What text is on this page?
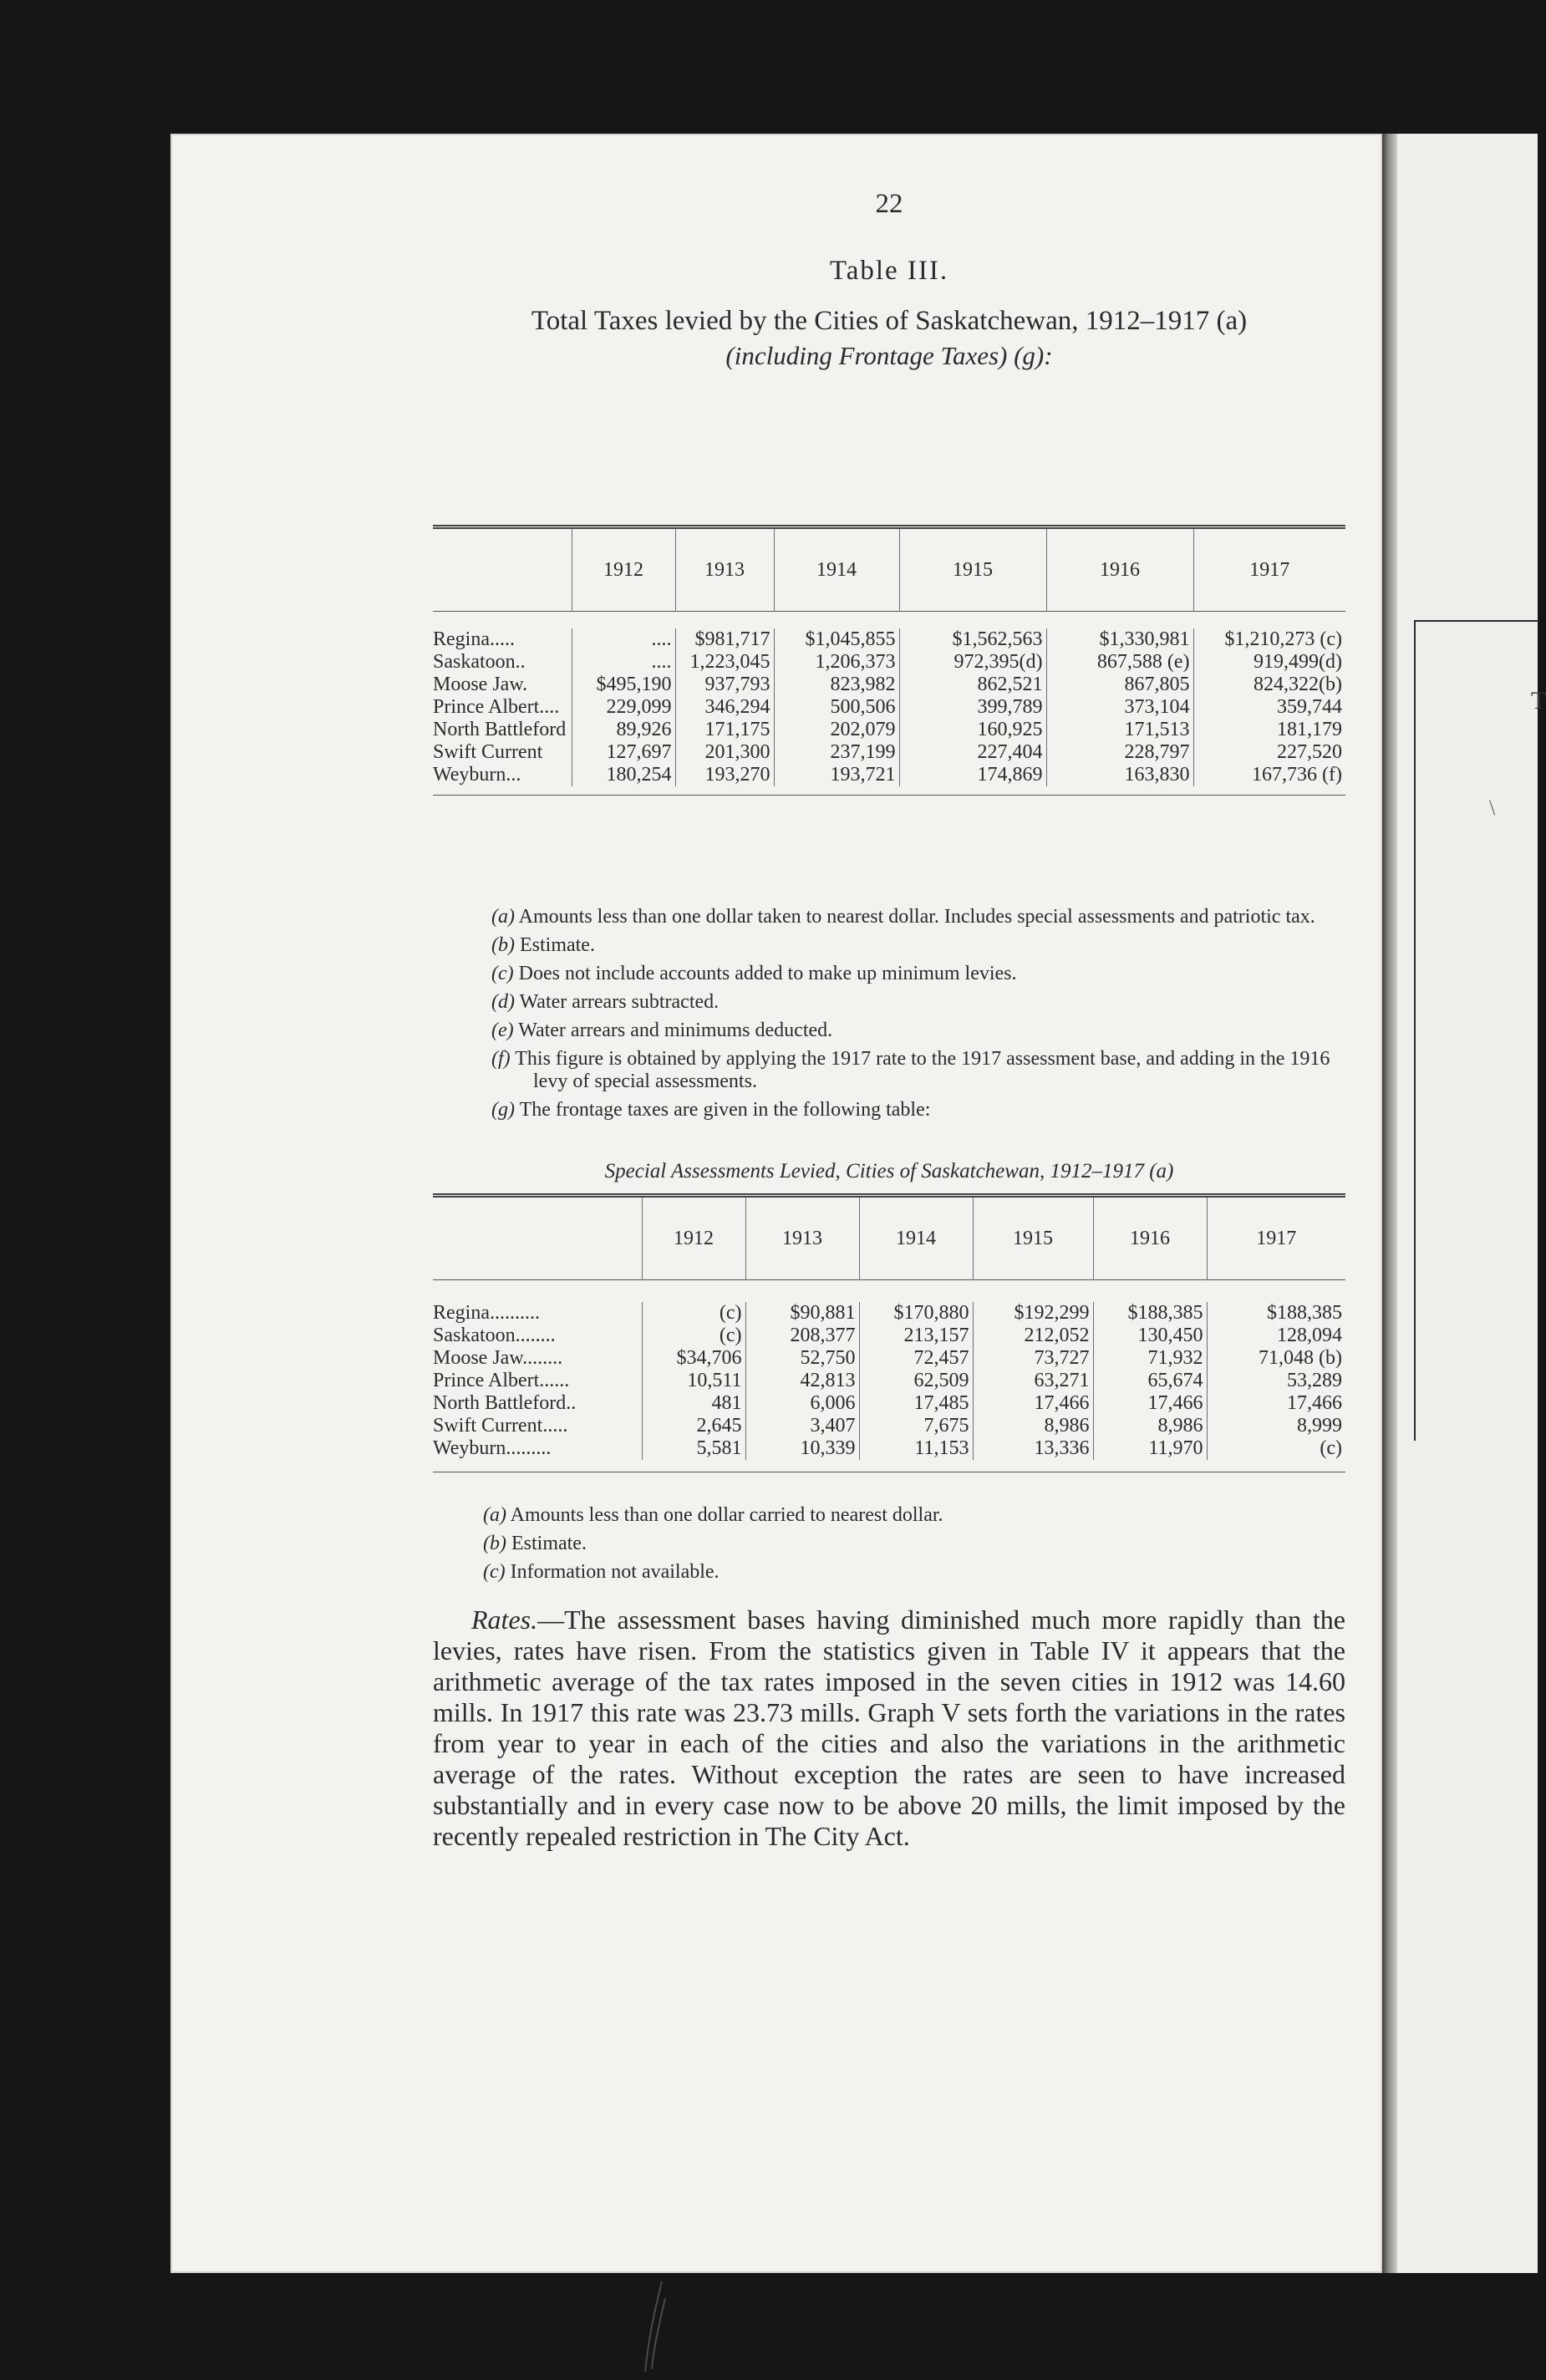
T
\
22
Table III.
Total Taxes levied by the Cities of Saskatchewan, 1912–1917 (a)
(including Frontage Taxes) (g):
	1912	1913	1914	1915	1916	1917

Regina.....	....	$981,717	$1,045,855	$1,562,563	$1,330,981	$1,210,273 (c)
Saskatoon..	....	1,223,045	1,206,373	972,395(d)	867,588 (e)	919,499(d)
Moose Jaw.	$495,190	937,793	823,982	862,521	867,805	824,322(b)
Prince Albert....	229,099	346,294	500,506	399,789	373,104	359,744
North Battleford	89,926	171,175	202,079	160,925	171,513	181,179
Swift Current	127,697	201,300	237,199	227,404	228,797	227,520
Weyburn...	180,254	193,270	193,721	174,869	163,830	167,736 (f)

(a) Amounts less than one dollar taken to nearest dollar. Includes special assessments and patriotic tax.

(b) Estimate.

(c) Does not include accounts added to make up minimum levies.

(d) Water arrears subtracted.

(e) Water arrears and minimums deducted.

(f) This figure is obtained by applying the 1917 rate to the 1917 assessment base, and adding in the 1916 levy of special assessments.

(g) The frontage taxes are given in the following table:

Special Assessments Levied, Cities of Saskatchewan, 1912–1917 (a)
	1912	1913	1914	1915	1916	1917

Regina..........	(c)	$90,881	$170,880	$192,299	$188,385	$188,385
Saskatoon........	(c)	208,377	213,157	212,052	130,450	128,094
Moose Jaw........	$34,706	52,750	72,457	73,727	71,932	71,048 (b)
Prince Albert......	10,511	42,813	62,509	63,271	65,674	53,289
North Battleford..	481	6,006	17,485	17,466	17,466	17,466
Swift Current.....	2,645	3,407	7,675	8,986	8,986	8,999
Weyburn.........	5,581	10,339	11,153	13,336	11,970	(c)

(a) Amounts less than one dollar carried to nearest dollar.

(b) Estimate.

(c) Information not available.

Rates.—The assessment bases having diminished much more rapidly than the levies, rates have risen. From the statistics given in Table IV it appears that the arithmetic average of the tax rates imposed in the seven cities in 1912 was 14.60 mills. In 1917 this rate was 23.73 mills. Graph V sets forth the variations in the rates from year to year in each of the cities and also the variations in the arithmetic average of the rates. Without exception the rates are seen to have increased substantially and in every case now to be above 20 mills, the limit imposed by the recently repealed restriction in The City Act.
